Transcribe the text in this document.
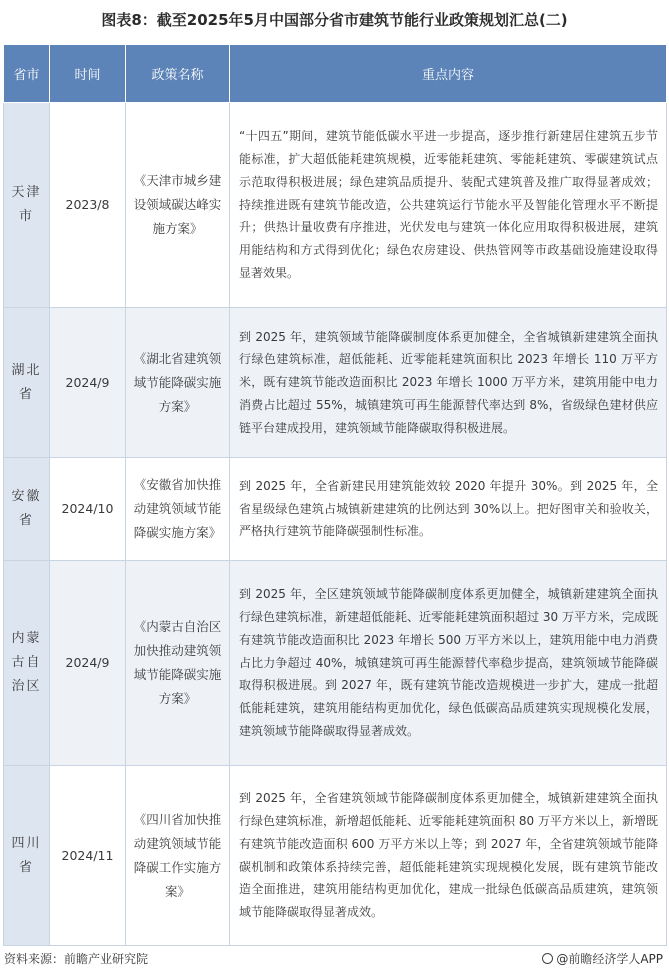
图表8：截至2025年5月中国部分省市建筑节能行业政策规划汇总(二)
省市	时间	政策名称	重点内容
天津市	2023/8	《天津市城乡建设领域碳达峰实施方案》	“十四五”期间，建筑节能低碳水平进一步提高，逐步推行新建居住建筑五步节能标准，扩大超低能耗建筑规模，近零能耗建筑、零能耗建筑、零碳建筑试点示范取得积极进展；绿色建筑品质提升、装配式建筑普及推广取得显著成效；持续推进既有建筑节能改造，公共建筑运行节能水平及智能化管理水平不断提升；供热计量收费有序推进，光伏发电与建筑一体化应用取得积极进展，建筑用能结构和方式得到优化；绿色农房建设、供热管网等市政基础设施建设取得显著效果。
湖北省	2024/9	《湖北省建筑领域节能降碳实施方案》	到 2025 年，建筑领域节能降碳制度体系更加健全，全省城镇新建建筑全面执行绿色建筑标准，超低能耗、近零能耗建筑面积比 2023 年增长 110 万平方米，既有建筑节能改造面积比 2023 年增长 1000 万平方米，建筑用能中电力消费占比超过 55%，城镇建筑可再生能源替代率达到 8%，省级绿色建材供应链平台建成投用，建筑领域节能降碳取得积极进展。
安徽省	2024/10	《安徽省加快推动建筑领域节能降碳实施方案》	到 2025 年，全省新建民用建筑能效较 2020 年提升 30%。到 2025 年，全省星级绿色建筑占城镇新建建筑的比例达到 30%以上。把好图审关和验收关，严格执行建筑节能降碳强制性标准。
内蒙古自治区	2024/9	《内蒙古自治区加快推动建筑领域节能降碳实施方案》	到 2025 年，全区建筑领域节能降碳制度体系更加健全，城镇新建建筑全面执行绿色建筑标准，新建超低能耗、近零能耗建筑面积超过 30 万平方米，完成既有建筑节能改造面积比 2023 年增长 500 万平方米以上，建筑用能中电力消费占比力争超过 40%，城镇建筑可再生能源替代率稳步提高，建筑领域节能降碳取得积极进展。到 2027 年，既有建筑节能改造规模进一步扩大，建成一批超低能耗建筑，建筑用能结构更加优化，绿色低碳高品质建筑实现规模化发展，建筑领域节能降碳取得显著成效。
四川省	2024/11	《四川省加快推动建筑领域节能降碳工作实施方案》	到 2025 年，全省建筑领域节能降碳制度体系更加健全，城镇新建建筑全面执行绿色建筑标准，新增超低能耗、近零能耗建筑面积 80 万平方米以上，新增既有建筑节能改造面积 600 万平方米以上等；到 2027 年，全省建筑领域节能降碳机制和政策体系持续完善，超低能耗建筑实现规模化发展，既有建筑节能改造全面推进，建筑用能结构更加优化，建成一批绿色低碳高品质建筑，建筑领域节能降碳取得显著成效。
资料来源：前瞻产业研究院	@前瞻经济学人APP
